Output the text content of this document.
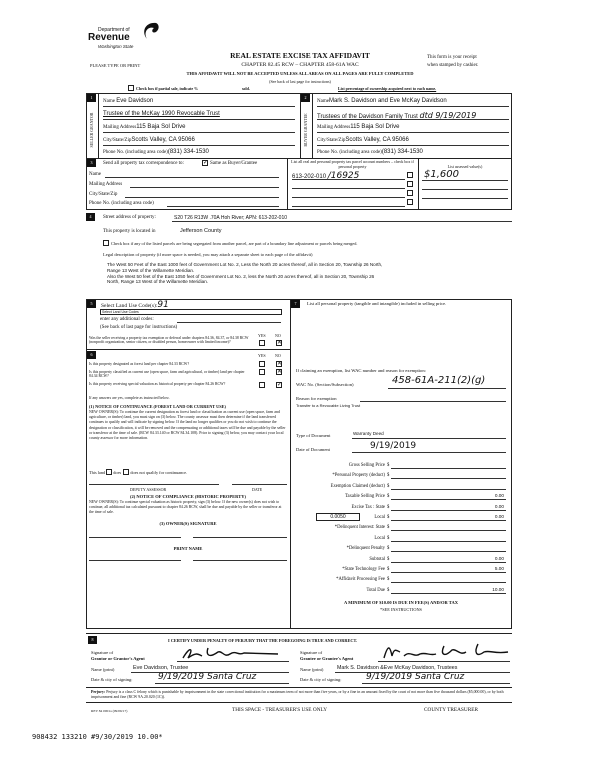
Department of
Revenue
Washington State
REAL ESTATE EXCISE TAX AFFIDAVIT
CHAPTER 82.45 RCW – CHAPTER 458-61A WAC
PLEASE TYPE OR PRINT
This form is your receipt
when stamped by cashier.
THIS AFFIDAVIT WILL NOT BE ACCEPTED UNLESS ALL AREAS ON ALL PAGES ARE FULLY COMPLETED
(See back of last page for instructions)
Check box if partial sale, indicate %	sold.	List percentage of ownership acquired next to each name.
1	2
SELLER GRANTOR	BUYER GRANTEE
Name Eve Davidson
Trustee of the McKay 1990 Revocable Trust
Mailing Address115 Baja Sol Drive
City/State/ZipScotts Valley, CA 95066
Phone No. (including area code)(831) 334-1530
NameMark S. Davidson and Eve McKay Davidson
Trustees of the Davidson Family Trust dtd 9/19/2019
Mailing Address115 Baja Sol Drive
City/State/ZipScotts Valley, CA 95066
Phone No. (including area code)(831) 334-1530
3	Send all property tax correspondence to:	✓ Same as Buyer/Grantee
Name
Mailing Address
City/State/Zip
Phone No. (including area code)
List all real and personal property tax parcel account numbers – check box if personal property
613-202-010 /16925
List assessed value(s)
$1,600
4	Street address of property:	S20 T26 R13W .70A Hoh River; APN: 613-202-010
This property is located in	Jefferson County
Check box if any of the listed parcels are being segregated from another parcel, are part of a boundary line adjustment or parcels being merged.
Legal description of property (if more space is needed, you may attach a separate sheet to each page of the affidavit)
The West 50 Feet of the East 1000 feet of Government Lot No. 2, Less the North 20 acres thereof, all in Section 20, Township 26 North,
Range 13 West of the Willamette Meridian.
Also the West 50 feet of the East 1050 feet of Government Lot No. 2, less the North 20 acres thereof, all in Section 20, Township 26
North, Range 13 West of the Willamette Meridian.
5	Select Land Use Code(s):91
Select Land Use Codes
enter any additional codes:
(See back of last page for instructions)
YES NO
Was the seller receiving a property tax exemption or deferral under chapters 84.36, 84.37, or 84.38 RCW (nonprofit organization, senior citizen, or disabled person, homeowner with limited income)?	✕
6	YES NO
Is this property designated as forest land per chapter 84.33 RCW?	✕
Is this property classified as current use (open space, farm and agricultural, or timber) land per chapter 84.34 RCW?
✕
Is this property receiving special valuation as historical property per chapter 84.26 RCW?	✓
If any answers are yes, complete as instructed below.
(1) NOTICE OF CONTINUANCE (FOREST LAND OR CURRENT USE)
NEW OWNER(S): To continue the current designation as forest land or classification as current use (open space, farm and agriculture, or timber) land, you must sign on (3) below. The county assessor must then determine if the land transferred continues to qualify and will indicate by signing below. If the land no longer qualifies or you do not wish to continue the designation or classification, it will be removed and the compensating or additional taxes will be due and payable by the seller or transferor at the time of sale. (RCW 84.33.140 or RCW 84.34.108). Prior to signing (3) below, you may contact your local county assessor for more information.
This land does does not qualify for continuance.
DEPUTY ASSESSOR	DATE
(2) NOTICE OF COMPLIANCE (HISTORIC PROPERTY)
NEW OWNER(S): To continue special valuation as historic property, sign (3) below. If the new owner(s) does not wish to continue, all additional tax calculated pursuant to chapter 84.26 RCW, shall be due and payable by the seller or transferor at the time of sale.
(3) OWNER(S) SIGNATURE
PRINT NAME
7	List all personal property (tangible and intangible) included in selling price.
If claiming an exemption, list WAC number and reason for exemption:
WAC No. (Section/Subsection)	458-61A-211(2)(g)
Reason for exemption
Transfer to a Revocable Living Trust
Type of Document	Warranty Deed
Date of Document	9/19/2019
Gross Selling Price $
*Personal Property (deduct) $
Exemption Claimed (deduct) $
Taxable Selling Price $	0.00
Excise Tax : State $	0.00
Local $	0.00
*Delinquent Interest: State $
Local $
*Delinquent Penalty $
Subtotal $	0.00
*State Technology Fee $	5.00
*Affidavit Processing Fee $
Total Due $	10.00
0.0050
A MINIMUM OF $10.00 IS DUE IN FEE(S) AND/OR TAX
*SEE INSTRUCTIONS
8	I CERTIFY UNDER PENALTY OF PERJURY THAT THE FOREGOING IS TRUE AND CORRECT.
Signature of
Grantor or Grantor's Agent
Name (print)	Eve Davidson, Trustee
Date & city of signing:	9/19/2019 Santa Cruz
Signature of
Grantee or Grantee's Agent
Name (print)	Mark S. Davidson &Eve McKay Davidson, Trustees
Date & city of signing:	9/19/2019 Santa Cruz
Perjury: Perjury is a class C felony which is punishable by imprisonment in the state correctional institution for a maximum term of not more than five years, or by a fine in an amount fixed by the court of not more than five thousand dollars ($5,000.00), or by both imprisonment and fine (RCW 9A.20.020 (1C)).
REV 84 0001a (09/06/17)	THIS SPACE - TREASURER'S USE ONLY	COUNTY TREASURER
908432 133210 #9/30/2019 10.00*
